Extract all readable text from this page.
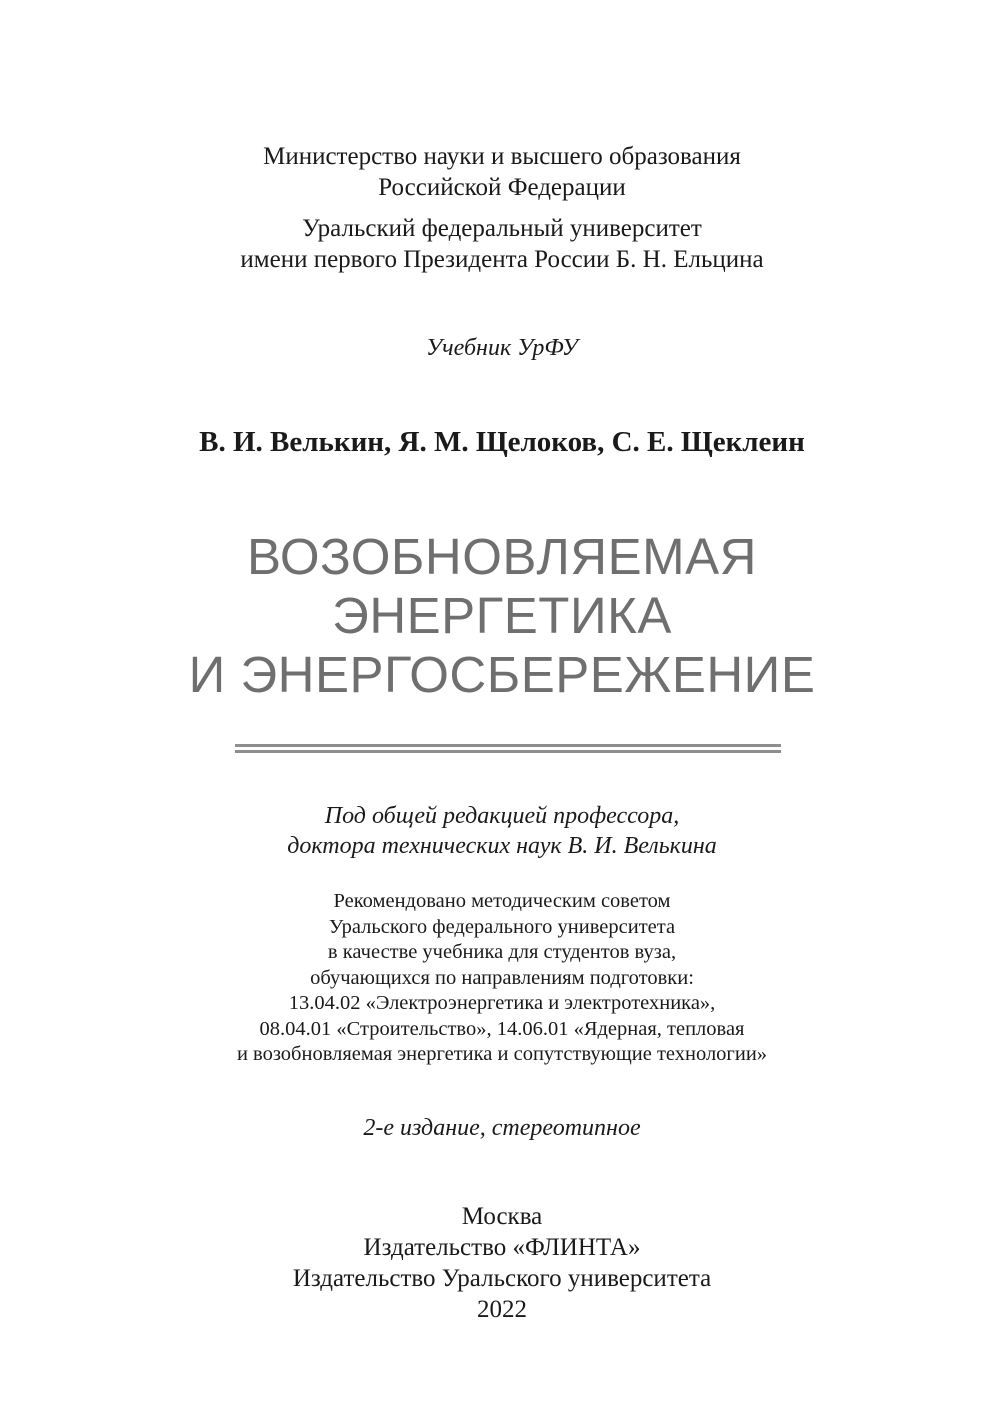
Министерство науки и высшего образования
Российской Федерации
Уральский федеральный университет
имени первого Президента России Б. Н. Ельцина
Учебник УрФУ
В. И. Велькин, Я. М. Щелоков, С. Е. Щеклеин
ВОЗОБНОВЛЯЕМАЯ
ЭНЕРГЕТИКА
И ЭНЕРГОСБЕРЕЖЕНИЕ
Под общей редакцией профессора,
доктора технических наук В. И. Велькина
Рекомендовано методическим советом
Уральского федерального университета
в качестве учебника для студентов вуза,
обучающихся по направлениям подготовки:
13.04.02 «Электроэнергетика и электротехника»,
08.04.01 «Строительство», 14.06.01 «Ядерная, тепловая
и возобновляемая энергетика и сопутствующие технологии»
2-е издание, стереотипное
Москва
Издательство «ФЛИНТА»
Издательство Уральского университета
2022
